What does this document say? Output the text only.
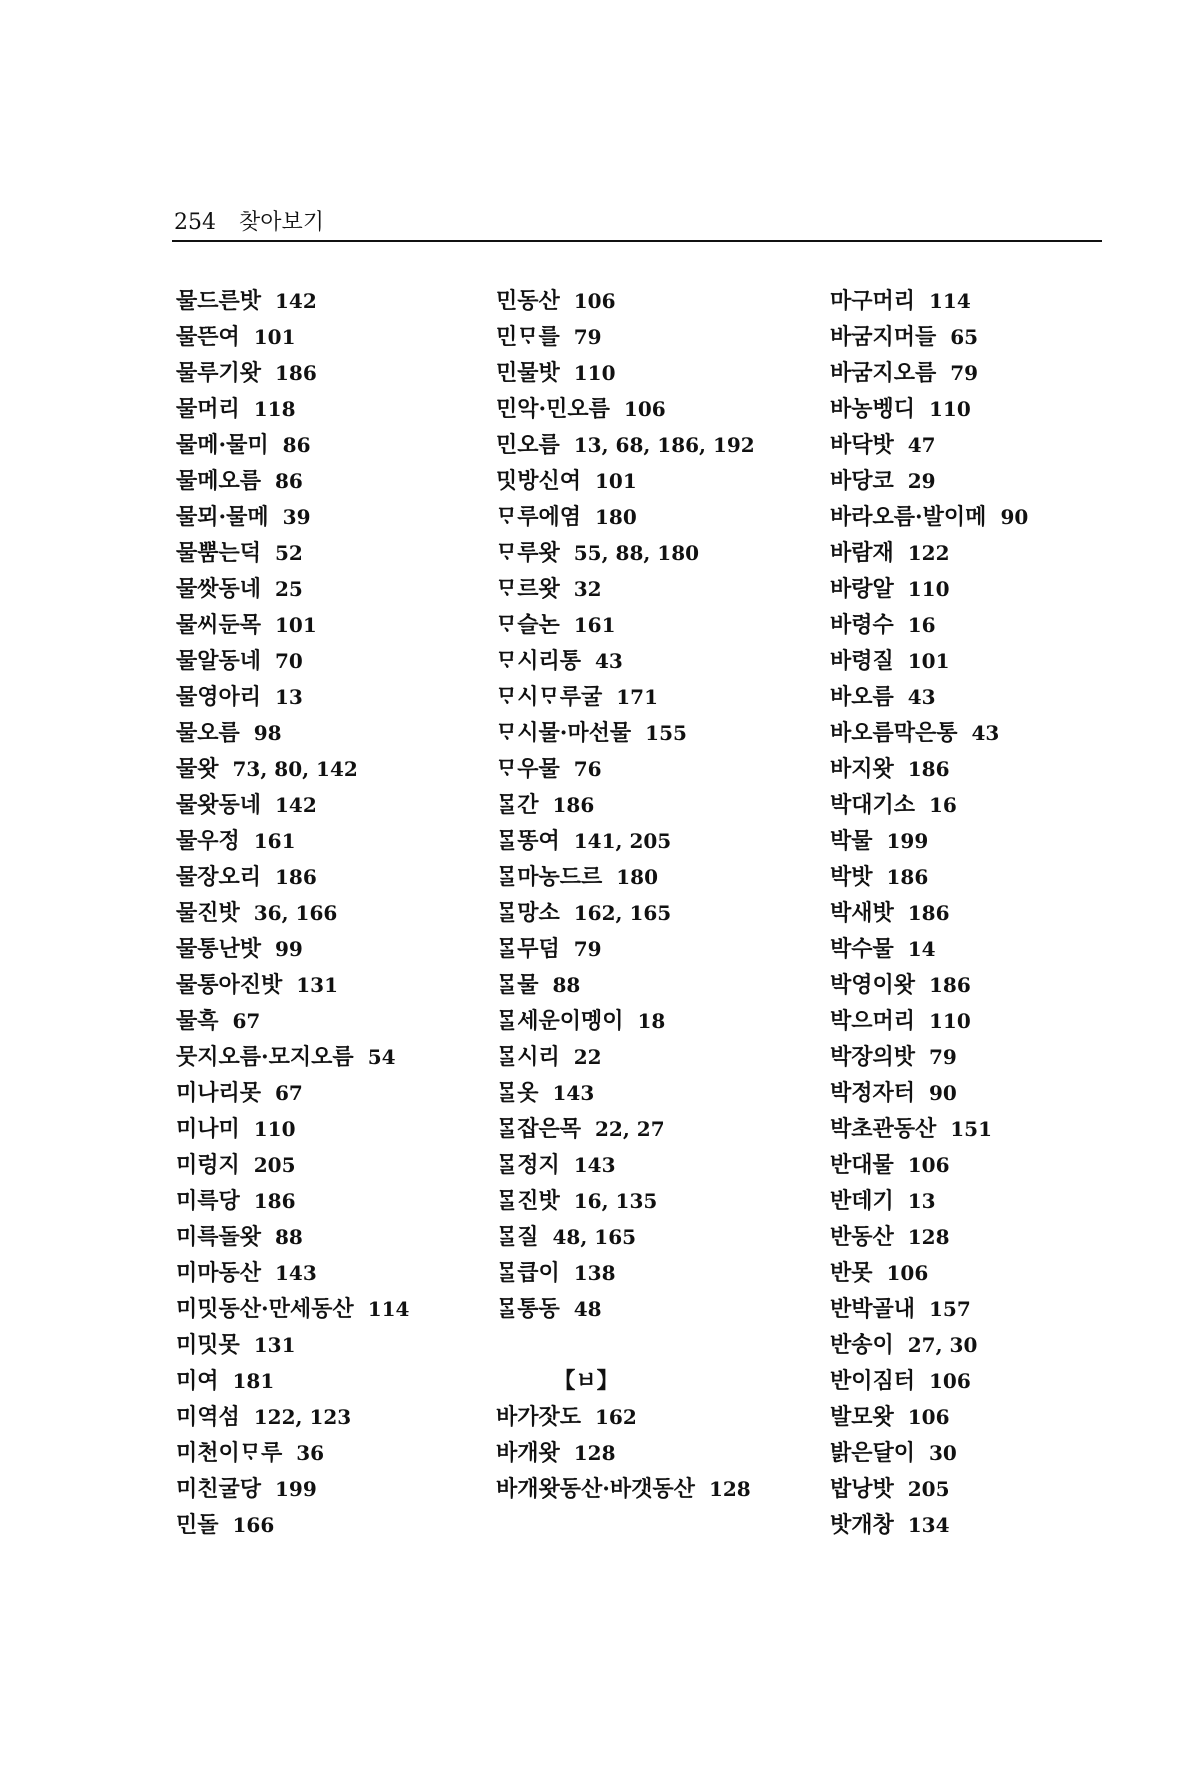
254 찾아보기
물드른밧 142
물뜬여 101
물루기왓 186
물머리 118
물메·물미 86
물메오름 86
물뫼·물메 39
물뿜는덕 52
물쌋동네 25
물씨둔목 101
물알동네 70
물영아리 13
물오름 98
물왓 73, 80, 142
물왓동네 142
물우정 161
물장오리 186
물진밧 36, 166
물통난밧 99
물통아진밧 131
물흑 67
뭇지오름·모지오름 54
미나리못 67
미나미 110
미렁지 205
미륵당 186
미륵돌왓 88
미마동산 143
미밋동산·만세동산 114
미밋못 131
미여 181
미역섬 122, 123
미천이ᄆᆞ루 36
미친굴당 199
민돌 166
민동산 106
민ᄆᆞ를 79
민물밧 110
민악·민오름 106
민오름 13, 68, 186, 192
밋방신여 101
ᄆᆞ루에염 180
ᄆᆞ루왓 55, 88, 180
ᄆᆞ르왓 32
ᄆᆞ슬논 161
ᄆᆞ시리통 43
ᄆᆞ시ᄆᆞ루굴 171
ᄆᆞ시물·마선물 155
ᄆᆞ우물 76
ᄆᆞᆯ간 186
ᄆᆞᆯ똥여 141, 205
ᄆᆞᆯ마농드르 180
ᄆᆞᆯ망소 162, 165
ᄆᆞᆯ무덤 79
ᄆᆞᆯ물 88
ᄆᆞᆯ세운이멩이 18
ᄆᆞᆯ시리 22
ᄆᆞᆯ옷 143
ᄆᆞᆯ잡은목 22, 27
ᄆᆞᆯ정지 143
ᄆᆞᆯ진밧 16, 135
ᄆᆞᆯ질 48, 165
ᄆᆞᆯ큽이 138
ᄆᆞᆯ통동 48
【ㅂ】
바가잣도 162
바개왓 128
바개왓동산·바갯동산 128
마구머리 114
바굼지머들 65
바굼지오름 79
바농벵디 110
바닥밧 47
바당코 29
바라오름·발이메 90
바람재 122
바랑알 110
바령수 16
바령질 101
바오름 43
바오름막은통 43
바지왓 186
박대기소 16
박물 199
박밧 186
박새밧 186
박수물 14
박영이왓 186
박으머리 110
박장의밧 79
박정자터 90
박초관동산 151
반대물 106
반데기 13
반동산 128
반못 106
반박골내 157
반송이 27, 30
반이짐터 106
발모왓 106
밝은달이 30
밥낭밧 205
밧개창 134
